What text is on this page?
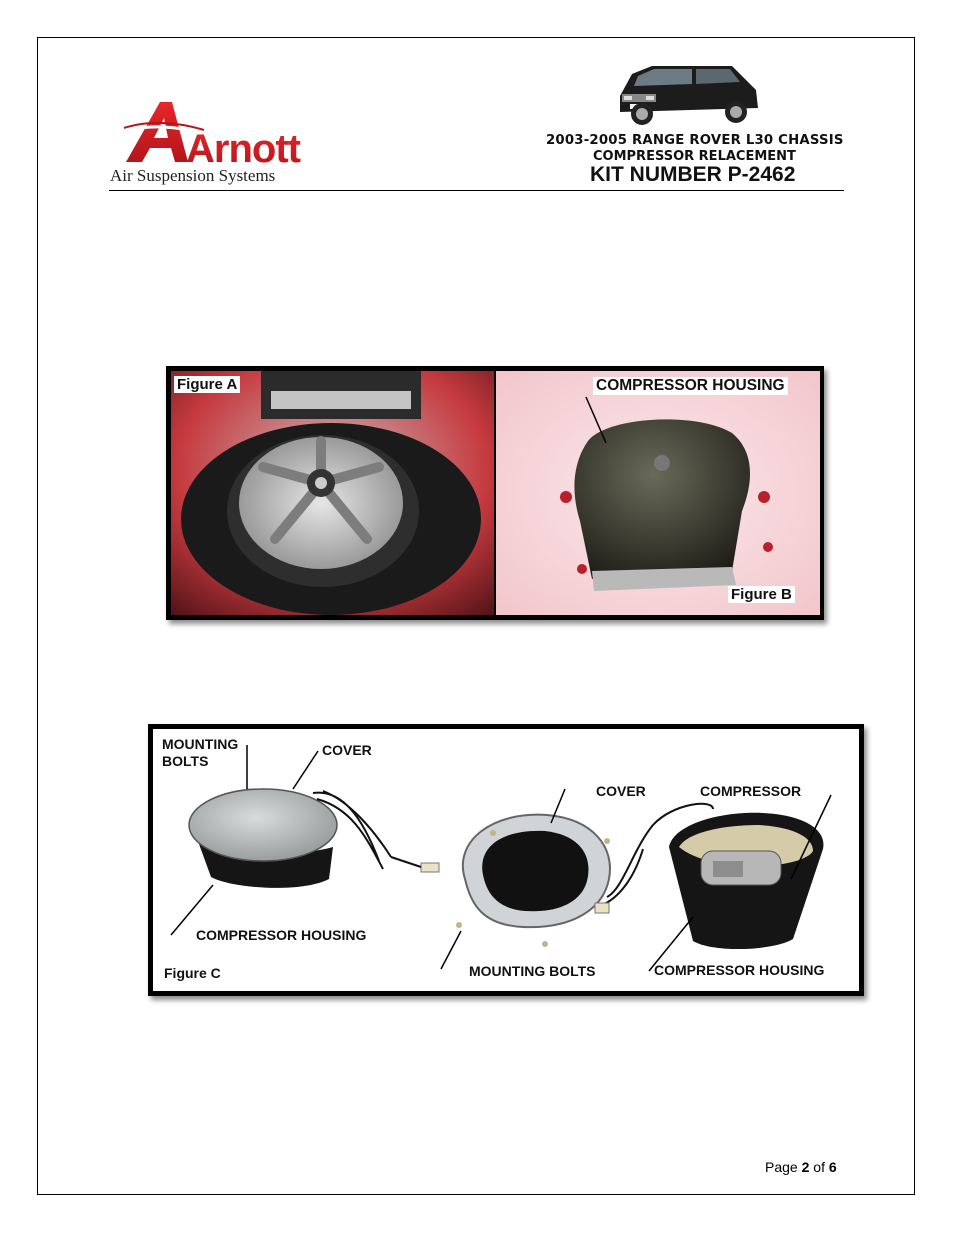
Arnott
Air Suspension Systems
2003-2005 RANGE ROVER L30 CHASSIS
COMPRESSOR RELACEMENT
KIT NUMBER P-2462
Figure A	COMPRESSOR HOUSING
Figure B
MOUNTING
BOLTS
COVER
COMPRESSOR HOUSING
COVER	COMPRESSOR
MOUNTING BOLTS	COMPRESSOR HOUSING
Figure C
Page 2 of 6
